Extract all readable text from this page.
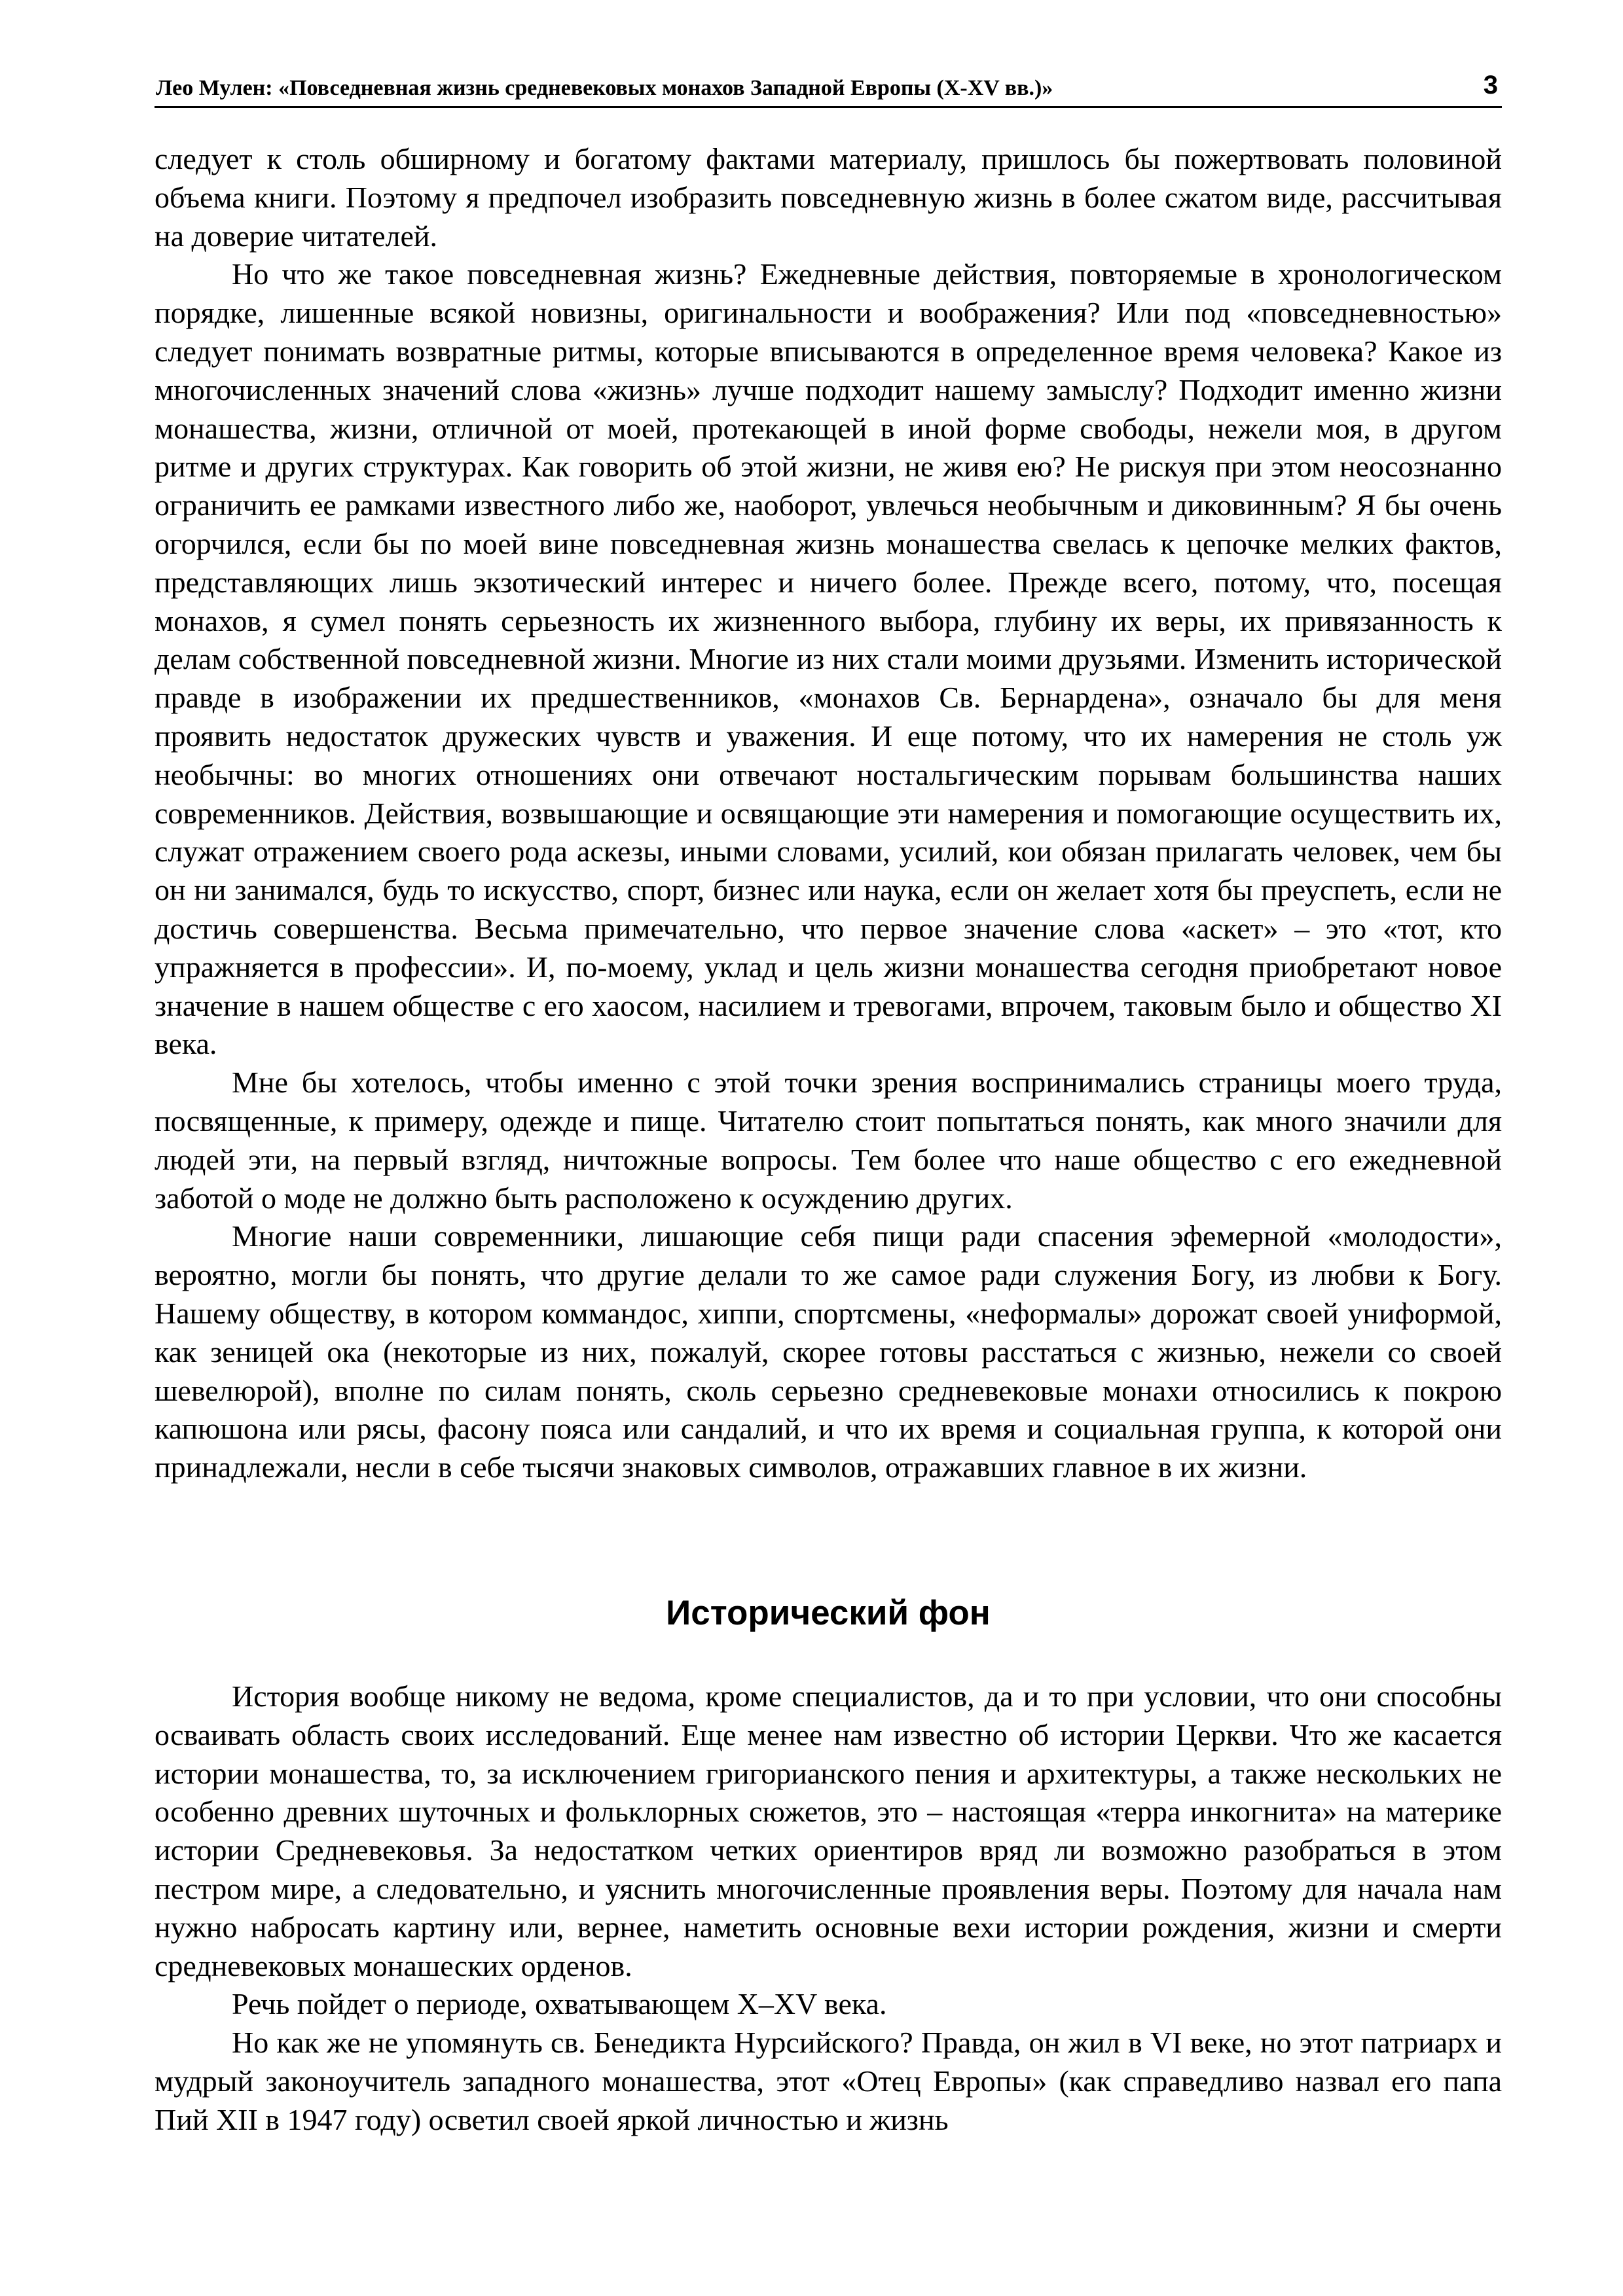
Лео Мулен: «Повседневная жизнь средневековых монахов Западной Европы (X-XV вв.)»	3

следует к столь обширному и богатому фактами материалу, пришлось бы пожертвовать половиной объема книги. Поэтому я предпочел изобразить повседневную жизнь в более сжатом виде, рассчитывая на доверие читателей.

Но что же такое повседневная жизнь? Ежедневные действия, повторяемые в хронологическом порядке, лишенные всякой новизны, оригинальности и воображения? Или под «повседневностью» следует понимать возвратные ритмы, которые вписываются в определенное время человека? Какое из многочисленных значений слова «жизнь» лучше подходит нашему замыслу? Подходит именно жизни монашества, жизни, отличной от моей, протекающей в иной форме свободы, нежели моя, в другом ритме и других структурах. Как говорить об этой жизни, не живя ею? Не рискуя при этом неосознанно ограничить ее рамками известного либо же, наоборот, увлечься необычным и диковинным? Я бы очень огорчился, если бы по моей вине повседневная жизнь монашества свелась к цепочке мелких фактов, представляющих лишь экзотический интерес и ничего более. Прежде всего, потому, что, посещая монахов, я сумел понять серьезность их жизненного выбора, глубину их веры, их привязанность к делам собственной повседневной жизни. Многие из них стали моими друзьями. Изменить исторической правде в изображении их предшественников, «монахов Св. Бернардена», означало бы для меня проявить недостаток дружеских чувств и уважения. И еще потому, что их намерения не столь уж необычны: во многих отношениях они отвечают ностальгическим порывам большинства наших современников. Действия, возвышающие и освящающие эти намерения и помогающие осуществить их, служат отражением своего рода аскезы, иными словами, усилий, кои обязан прилагать человек, чем бы он ни занимался, будь то искусство, спорт, бизнес или наука, если он желает хотя бы преуспеть, если не достичь совершенства. Весьма примечательно, что первое значение слова «аскет» – это «тот, кто упражняется в профессии». И, по-моему, уклад и цель жизни монашества сегодня приобретают новое значение в нашем обществе с его хаосом, насилием и тревогами, впрочем, таковым было и общество XI века.

Мне бы хотелось, чтобы именно с этой точки зрения воспринимались страницы моего труда, посвященные, к примеру, одежде и пище. Читателю стоит попытаться понять, как много значили для людей эти, на первый взгляд, ничтожные вопросы. Тем более что наше общество с его ежедневной заботой о моде не должно быть расположено к осуждению других.

Многие наши современники, лишающие себя пищи ради спасения эфемерной «молодости», вероятно, могли бы понять, что другие делали то же самое ради служения Богу, из любви к Богу. Нашему обществу, в котором коммандос, хиппи, спортсмены, «неформалы» дорожат своей униформой, как зеницей ока (некоторые из них, пожалуй, скорее готовы расстаться с жизнью, нежели со своей шевелюрой), вполне по силам понять, сколь серьезно средневековые монахи относились к покрою капюшона или рясы, фасону пояса или сандалий, и что их время и социальная группа, к которой они принадлежали, несли в себе тысячи знаковых символов, отражавших главное в их жизни.

Исторический фон

История вообще никому не ведома, кроме специалистов, да и то при условии, что они способны осваивать область своих исследований. Еще менее нам известно об истории Церкви. Что же касается истории монашества, то, за исключением григорианского пения и архитектуры, а также нескольких не особенно древних шуточных и фольклорных сюжетов, это – настоящая «терра инкогнита» на материке истории Средневековья. За недостатком четких ориентиров вряд ли возможно разобраться в этом пестром мире, а следовательно, и уяснить многочисленные проявления веры. Поэтому для начала нам нужно набросать картину или, вернее, наметить основные вехи истории рождения, жизни и смерти средневековых монашеских орденов.

Речь пойдет о периоде, охватывающем X–XV века.

Но как же не упомянуть св. Бенедикта Нурсийского? Правда, он жил в VI веке, но этот патриарх и мудрый законоучитель западного монашества, этот «Отец Европы» (как справедливо назвал его папа Пий XII в 1947 году) осветил своей яркой личностью и жизнь
